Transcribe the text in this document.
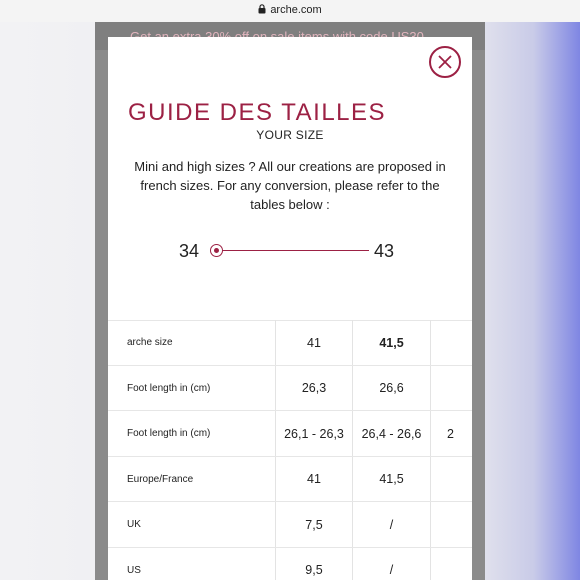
arche.com
GUIDE DES TAILLES
YOUR SIZE
Mini and high sizes ? All our creations are proposed in french sizes. For any conversion, please refer to the tables below :
34	43
arche size	41	41,5
Foot length in (cm)	26,3	26,6
Foot length in (cm)	26,1 - 26,3	26,4 - 26,6	2
Europe/France	41	41,5
UK	7,5	/
US	9,5	/
